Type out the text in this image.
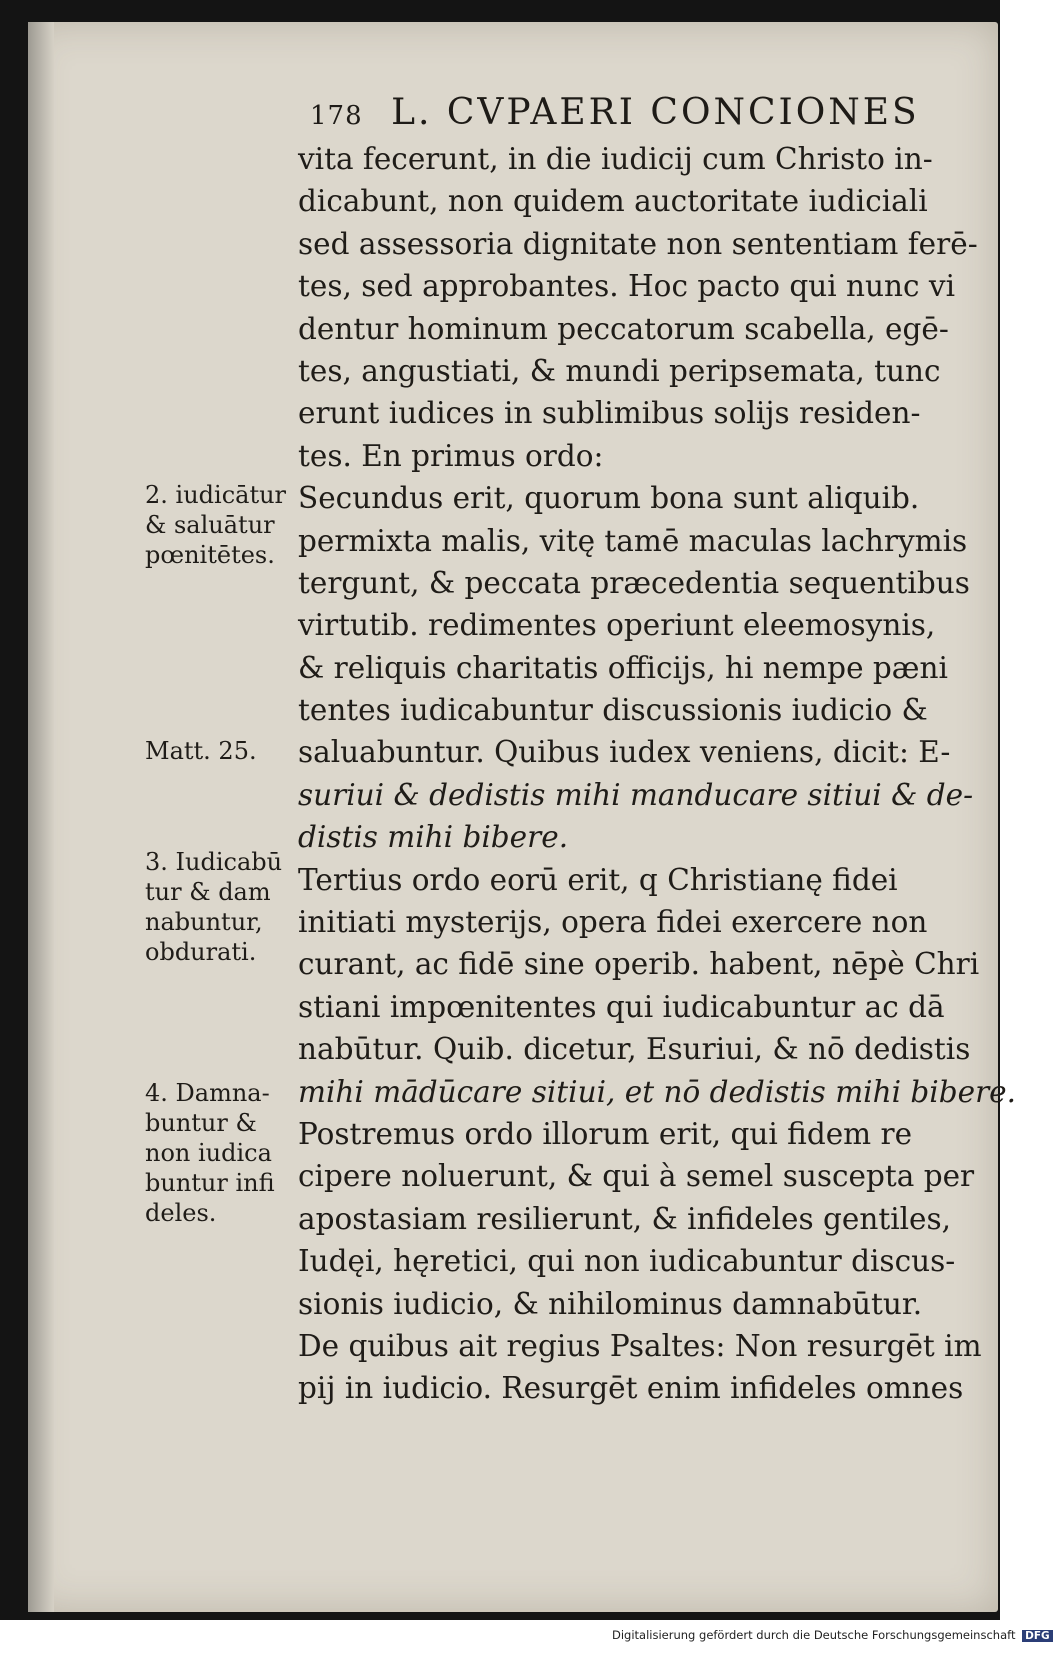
178 L. CVPAERI CONCIONES
vita fecerunt, in die iudicij cum Christo in-
dicabunt, non quidem auctoritate iudiciali
sed assessoria dignitate non sententiam ferē-
tes, sed approbantes. Hoc pacto qui nunc vi
dentur hominum peccatorum scabella, egē-
tes, angustiati, & mundi peripsemata, tunc
erunt iudices in sublimibus solijs residen-
tes. En primus ordo:
Secundus erit, quorum bona sunt aliquib.
permixta malis, vitę tamē maculas lachrymis
tergunt, & peccata præcedentia sequentibus
virtutib. redimentes operiunt eleemosynis,
& reliquis charitatis officijs, hi nempe pæni
tentes iudicabuntur discussionis iudicio &
saluabuntur. Quibus iudex veniens, dicit: E-
suriui & dedistis mihi manducare sitiui & de-
distis mihi bibere.
Tertius ordo eorū erit, q Christianę fidei
initiati mysterijs, opera fidei exercere non
curant, ac fidē sine operib. habent, nēpè Chri
stiani impœnitentes qui iudicabuntur ac dā
nabūtur. Quib. dicetur, Esuriui, & nō dedistis
mihi mādūcare sitiui, et nō dedistis mihi bibere.
Postremus ordo illorum erit, qui fidem re
cipere noluerunt, & qui à semel suscepta per
apostasiam resilierunt, & infideles gentiles,
Iudęi, hęretici, qui non iudicabuntur discus-
sionis iudicio, & nihilominus damnabūtur.
De quibus ait regius Psaltes: Non resurgēt im
pij in iudicio. Resurgēt enim infideles omnes
2. iudicātur
& saluātur
pœnitētes.
Matt. 25.
3. Iudicabū
tur & dam
nabuntur,
obdurati.
4. Damna-
buntur &
non iudica
buntur infi
deles.
Digitalisierung gefördert durch die Deutsche Forschungsgemeinschaft DFG
